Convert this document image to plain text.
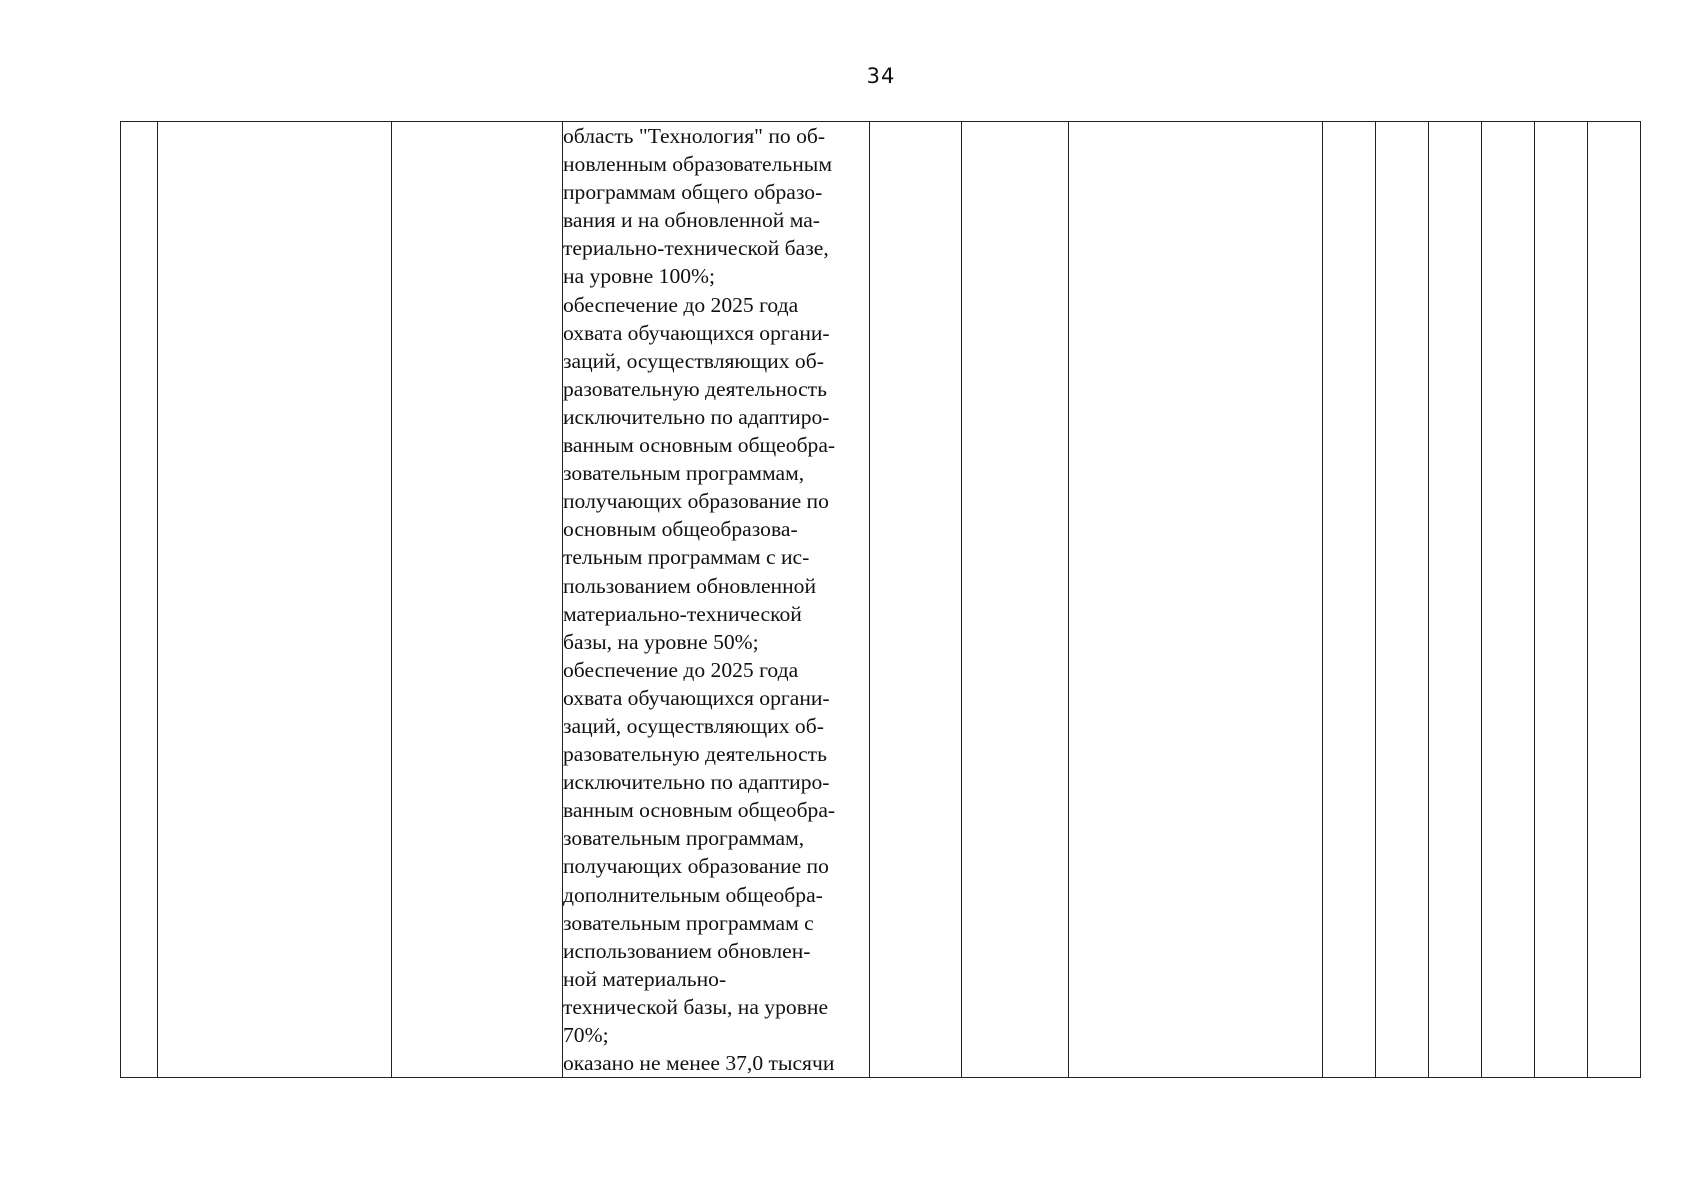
34

область "Технология" по об-
новленным образовательным
программам общего образо-
вания и на обновленной ма-
териально-технической базе,
на уровне 100%;
обеспечение до 2025 года
охвата обучающихся органи-
заций, осуществляющих об-
разовательную деятельность
исключительно по адаптиро-
ванным основным общеобра-
зовательным программам,
получающих образование по
основным общеобразова-
тельным программам с ис-
пользованием обновленной
материально-технической
базы, на уровне 50%;
обеспечение до 2025 года
охвата обучающихся органи-
заций, осуществляющих об-
разовательную деятельность
исключительно по адаптиро-
ванным основным общеобра-
зовательным программам,
получающих образование по
дополнительным общеобра-
зовательным программам с
использованием обновлен-
ной материально-
технической базы, на уровне
70%;
оказано не менее 37,0 тысячи
